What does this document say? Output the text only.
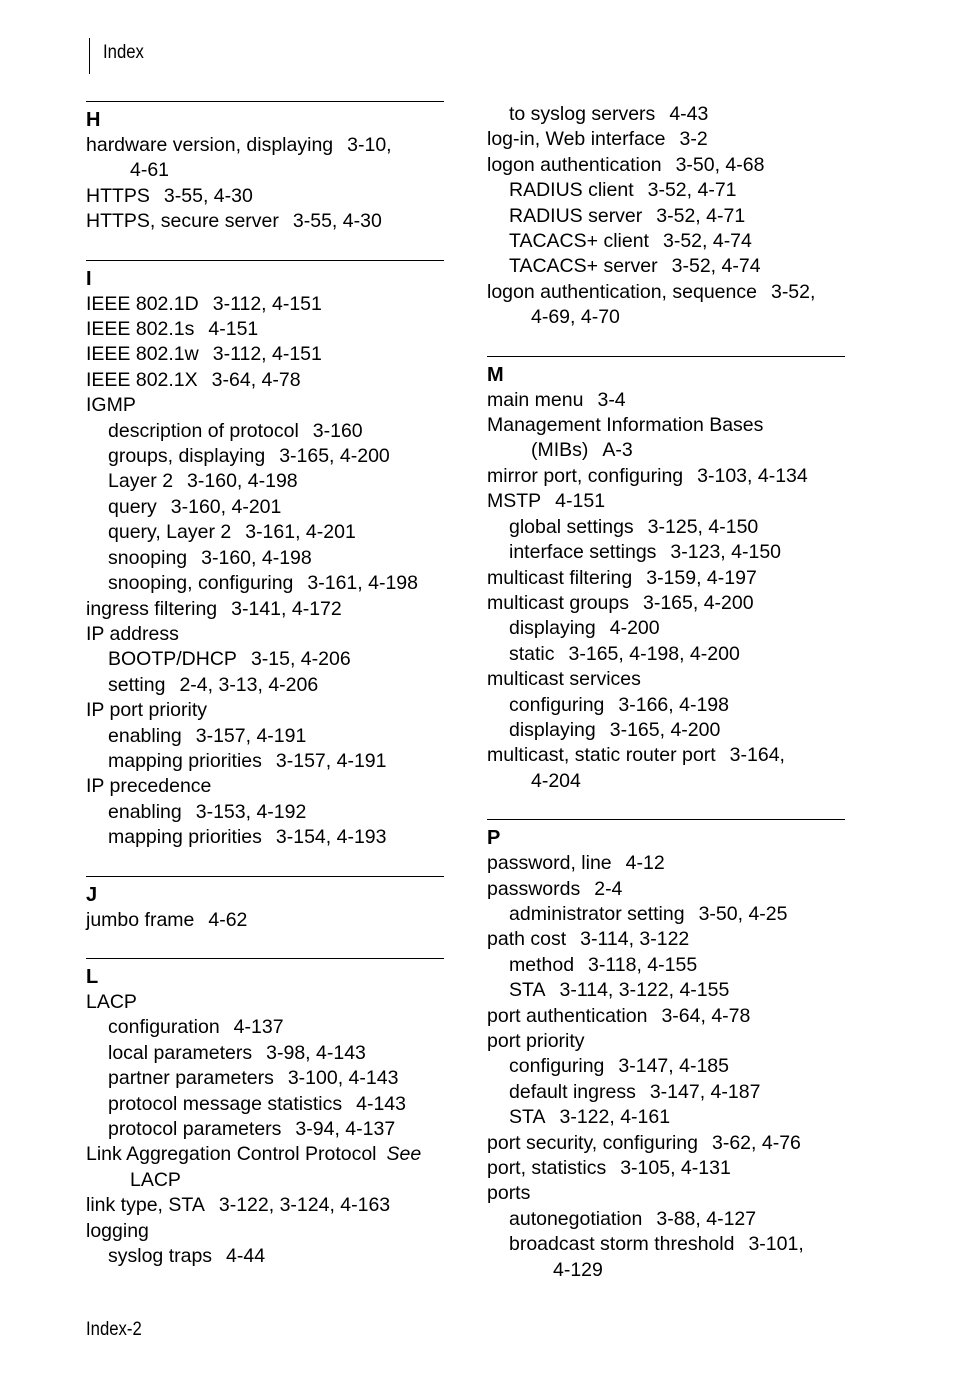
Index
H
hardware version, displaying 3-10,
4-61
HTTPS 3-55, 4-30
HTTPS, secure server 3-55, 4-30
I
IEEE 802.1D 3-112, 4-151
IEEE 802.1s 4-151
IEEE 802.1w 3-112, 4-151
IEEE 802.1X 3-64, 4-78
IGMP
description of protocol 3-160
groups, displaying 3-165, 4-200
Layer 2 3-160, 4-198
query 3-160, 4-201
query, Layer 2 3-161, 4-201
snooping 3-160, 4-198
snooping, configuring 3-161, 4-198
ingress filtering 3-141, 4-172
IP address
BOOTP/DHCP 3-15, 4-206
setting 2-4, 3-13, 4-206
IP port priority
enabling 3-157, 4-191
mapping priorities 3-157, 4-191
IP precedence
enabling 3-153, 4-192
mapping priorities 3-154, 4-193
J
jumbo frame 4-62
L
LACP
configuration 4-137
local parameters 3-98, 4-143
partner parameters 3-100, 4-143
protocol message statistics 4-143
protocol parameters 3-94, 4-137
Link Aggregation Control Protocol See
LACP
link type, STA 3-122, 3-124, 4-163
logging
syslog traps 4-44
to syslog servers 4-43
log-in, Web interface 3-2
logon authentication 3-50, 4-68
RADIUS client 3-52, 4-71
RADIUS server 3-52, 4-71
TACACS+ client 3-52, 4-74
TACACS+ server 3-52, 4-74
logon authentication, sequence 3-52,
4-69, 4-70
M
main menu 3-4
Management Information Bases
(MIBs) A-3
mirror port, configuring 3-103, 4-134
MSTP 4-151
global settings 3-125, 4-150
interface settings 3-123, 4-150
multicast filtering 3-159, 4-197
multicast groups 3-165, 4-200
displaying 4-200
static 3-165, 4-198, 4-200
multicast services
configuring 3-166, 4-198
displaying 3-165, 4-200
multicast, static router port 3-164,
4-204
P
password, line 4-12
passwords 2-4
administrator setting 3-50, 4-25
path cost 3-114, 3-122
method 3-118, 4-155
STA 3-114, 3-122, 4-155
port authentication 3-64, 4-78
port priority
configuring 3-147, 4-185
default ingress 3-147, 4-187
STA 3-122, 4-161
port security, configuring 3-62, 4-76
port, statistics 3-105, 4-131
ports
autonegotiation 3-88, 4-127
broadcast storm threshold 3-101,
4-129
Index-2
